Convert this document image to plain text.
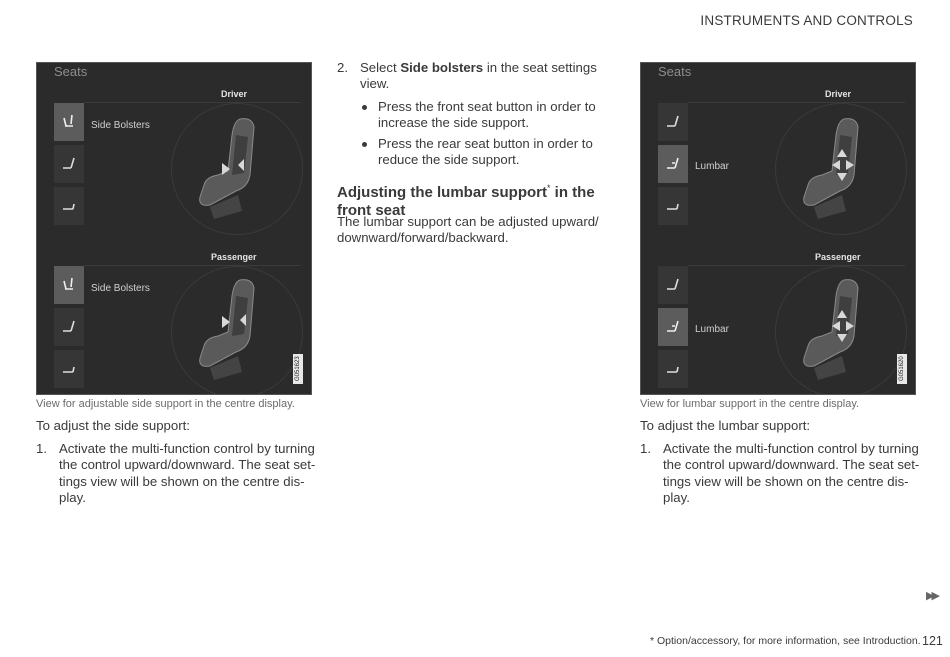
INSTRUMENTS AND CONTROLS
Seats
Driver
Side Bolsters
Passenger
Side Bolsters
G051623
View for adjustable side support in the centre display.
To adjust the side support:
1. Activate the multi-function control by turning
the control upward/downward. The seat set-
tings view will be shown on the centre dis-
play.
2. Select Side bolsters in the seat settings
view.
Press the front seat button in order to
increase the side support.
Press the rear seat button in order to
reduce the side support.
Adjusting the lumbar support* in the
front seat
The lumbar support can be adjusted upward/
downward/forward/backward.
Seats
Driver
Lumbar
Passenger
Lumbar
G051620
View for lumbar support in the centre display.
To adjust the lumbar support:
1. Activate the multi-function control by turning
the control upward/downward. The seat set-
tings view will be shown on the centre dis-
play.
▶▶
* Option/accessory, for more information, see Introduction. 121
